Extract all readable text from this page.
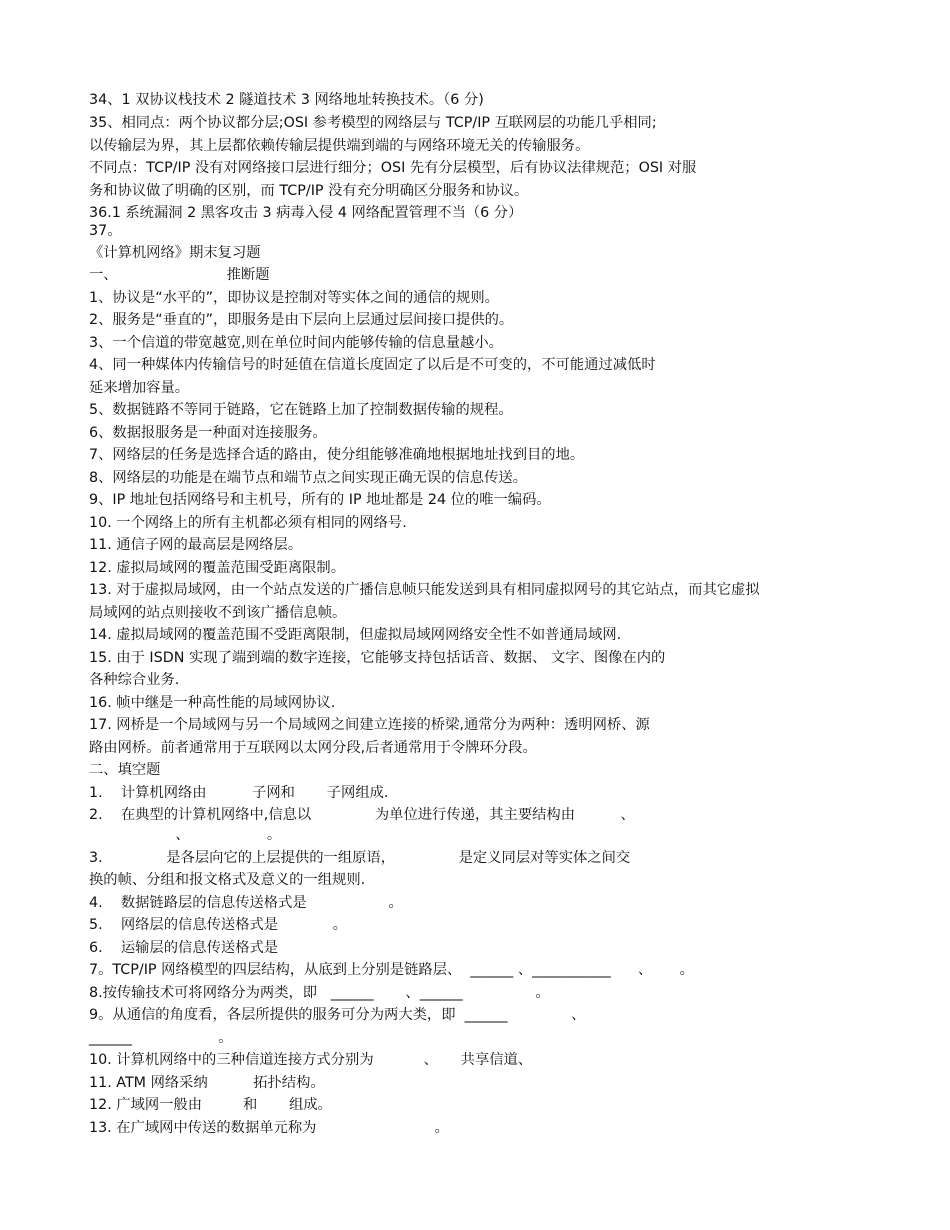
34、1 双协议栈技术 2 隧道技术 3 网络地址转换技术。（6 分)
35、相同点：两个协议都分层;OSI 参考模型的网络层与 TCP/IP 互联网层的功能几乎相同;
以传输层为界，其上层都依赖传输层提供端到端的与网络环境无关的传输服务。
不同点：TCP/IP 没有对网络接口层进行细分；OSI 先有分层模型，后有协议法律规范；OSI 对服
务和协议做了明确的区别，而 TCP/IP 没有充分明确区分服务和协议。
36.1 系统漏洞 2 黑客攻击 3 病毒入侵 4 网络配置管理不当（6 分）
37。
《计算机网络》期末复习题
一、                        推断题
1、协议是“水平的”，即协议是控制对等实体之间的通信的规则。
2、服务是“垂直的”，即服务是由下层向上层通过层间接口提供的。
3、一个信道的带宽越宽,则在单位时间内能够传输的信息量越小。
4、同一种媒体内传输信号的时延值在信道长度固定了以后是不可变的，不可能通过减低时
延来增加容量。
5、数据链路不等同于链路，它在链路上加了控制数据传输的规程。
6、数据报服务是一种面对连接服务。
7、网络层的任务是选择合适的路由，使分组能够准确地根据地址找到目的地。
8、网络层的功能是在端节点和端节点之间实现正确无误的信息传送。
9、IP 地址包括网络号和主机号，所有的 IP 地址都是 24 位的唯一编码。
10. 一个网络上的所有主机都必须有相同的网络号.
11. 通信子网的最高层是网络层。
12. 虚拟局域网的覆盖范围受距离限制。
13. 对于虚拟局域网，由一个站点发送的广播信息帧只能发送到具有相同虚拟网号的其它站点，而其它虚拟
局域网的站点则接收不到该广播信息帧。
14. 虚拟局域网的覆盖范围不受距离限制，但虚拟局域网网络安全性不如普通局域网.
15. 由于 ISDN 实现了端到端的数字连接，它能够支持包括话音、数据、 文字、图像在内的
各种综合业务.
16. 帧中继是一种高性能的局域网协议.
17. 网桥是一个局域网与另一个局域网之间建立连接的桥梁,通常分为两种：透明网桥、源
路由网桥。前者通常用于互联网以太网分段,后者通常用于令牌环分段。
二、填空题
1.    计算机网络由          子网和       子网组成.
2.    在典型的计算机网络中,信息以              为单位进行传递，其主要结构由          、
、                 。
3.              是各层向它的上层提供的一组原语，              是定义同层对等实体之间交
换的帧、分组和报文格式及意义的一组规则.
4.    数据链路层的信息传送格式是                  。
5.    网络层的信息传送格式是            。
6.    运输层的信息传送格式是
7。TCP/IP 网络模型的四层结构，从底到上分别是链路层、  ______ 、___________      、      。
8.按传输技术可将网络分为两类，即   ______       、______                。
9。从通信的角度看，各层所提供的服务可分为两大类，即  ______              、
______                   。
10. 计算机网络中的三种信道连接方式分别为           、     共享信道、
11. ATM 网络采纳          拓扑结构。
12. 广域网一般由         和       组成。
13. 在广域网中传送的数据单元称为                          。
